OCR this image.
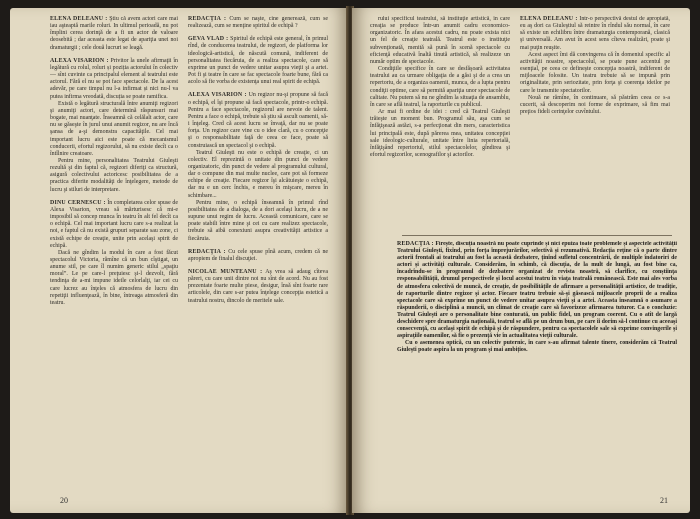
ELENA DELEANU : Ştiu că avem actori care mai iau aşteaptă marile roluri. In ultimul perioadă, nu pot împlini cerea dorinţă de a fi un actor de valoare deosebită ; dar aceasta este legat de apariţia unei noi dramaturgii ; cele două lucruri se leagă.

ALEXA VISARION : Privitor la unele afirmaţii în legătură cu rolul, roluri și poziția actorului în colectiv — sînt cuvinte ca principalul element al teatrului este actorul. Fără el nu se pot face spectacole. De la acest adevăr, pe care timpul nu l-a infirmat și nici nu-l va putea infirma vreodată, discuția se poate ramifica.

Există o legătură structurală între anumiţi regizori şi anumiţi actori, care determină răspunsuri mai bogate, mai nuanţate. Înseamnă că celălalt actor, care nu se găseşte în jurul unui anumit regizor, nu are încă şansa de a-şi demonstra capacităţile. Cel mai important lucru aici este poate că mecanismul conducerii, efortul regizorului, să nu existe decît ca o întîlnire creatoare.

Pentru mine, personalitatea Teatrului Giuleşti rezultă şi din faptul că, regizori diferiţi ca structură, asigură colectivului actoricesc posibilitatea de a practica diferite modalităţi de înţelegere, metode de lucru şi stiluri de interpretare.

DINU CERNESCU : În completarea celor spuse de Alexa Visarion, vreau să mărturisesc că mi-e imposibil să concep munca în teatru în alt fel decît ca o echipă. Cel mai important lucru care s-a realizat la noi, e faptul că nu există grupuri separate sau zone, ci există echipe de creaţie, unite prin acelaşi spirit de echipă.

Dacă ne gîndim la modul în care a fost făcut spectacolul Victoria, rămîne că un bun cîştigat, un anume stil, pe care îl numim generic stilul „spaţiu moral”. Le pe care-l preţuiesc şi-l dezvolt, fără tendinţa de a-mi impune ideile celorlalţi, iar cei cu care lucrez au înţeles că atmosfera de lucru din repetiţii influenţează, în bine, întreaga atmosferă din teatru.

REDACŢIA : Cum se naşte, cine generează, cum se realizează, cum se menţine spiritul de echipă ?

GEVA VLAD : Spiritul de echipă este general, în primul rînd, de conducerea teatrului, de regizori, de platforma lor ideologică-artistică, de născută comună, indiferent de personalitatea fiecăruia, de a realiza spectacole, care să exprime un punct de vedere unitar asupra vieţii şi a artei. Pot fi şi teatre în care se fac spectacole foarte bune, fără ca acolo să fie vorba de existenţa unui real spirit de echipă.

ALEXA VISARION : Un regizor nu-şi propune să facă o echipă, el îşi propune să facă spectacole, printr-o echipă. Pentru a face spectacole, regizorul are nevoie de talent. Pentru a face o echipă, trebuie să ştiu să ascult oamenii, să-i înţeleg. Cred că acest lucru se învaţă, dar nu se poate forţa. Un regizor care vine cu o idee clară, cu o concepţie şi o responsabilitate faţă de ceea ce face, poate să construiască un spectacol şi o echipă.

Teatrul Giuleşti nu este o echipă de creaţie, ci un colectiv. El reprezintă o unitate din punct de vedere organizatoric, din punct de vedere al programului cultural, dar o compune din mai multe nuclee, care pot să formeze echipe de creaţie. Fiecare regizor îşi alcătuieşte o echipă, dar nu e un cerc închis, e mereu în mişcare, mereu în schimbare...

Pentru mine, o echipă înseamnă în primul rînd posibilitatea de a dialoga, de a dori acelaşi lucru, de a ne supune unui regim de lucru. Această comunicare, care se poate stabili între mine şi cei cu care realizez spectacole, trebuie să aibă conexiuni asupra creativităţii artistice a fiecăruia.

REDACŢIA : Cu cele spuse pînă acum, credem că ne apropiem de finalul discuţiei.

NICOLAE MUNTEANU : Aş vrea să adaug cîteva păreri, cu care unii dintre noi nu sînt de acord. Nu au fost prezentate foarte multe piese, desigur, însă sînt foarte rare articolele, din care s-ar putea înţelege concepţia estetică a teatrului nostru, dincolo de meritele sale.

20

rului specificul teatrului, să instituţie artistică, în care creaţia se produce într-un anumit cadru economico-organizatoric. În afara acestui cadru, nu poate exista nici un fel de creaţie teatrală. Teatrul este o instituţie subvenţionată, menită să pună în scenă spectacole cu eficienţă educativă înaltă tinută artistică, să realizeze un număr optim de spectacole.

Condiţiile specifice în care se desfăşoară activitatea teatrului au ca urmare obligaţia de a găsi şi de a crea un repertoriu, de a organiza oamenii, munca, de a lupta pentru condiţii optime, care să permită apariţia unor spectacole de calitate. Nu putem să nu ne gîndim la situaţia de ansamblu, în care se află teatrul, la raporturile cu publicul.

Ar mai fi ordine de idei : cred că Teatrul Giuleşti trăieşte un moment bun. Programul său, aşa cum se înfăţişează astăzi, s-a perfecţionat din mers, caracteristica lui principală este, după părerea mea, unitatea concepţiei sale ideologic-culturale, unitate între linia repertorială, înfăţişând repertoriul, stilul spectacolelor, gîndirea şi efortul regizorilor, scenografilor şi actorilor.

ELENA DELEANU : Într-o perspectivă destul de apropiată, eu aş dori ca Giuleştiul să reintre în rîndul său normal, în care să existe un echilibru între dramaturgia contemporană, clasică şi universală. Am avut în acest sens cîteva realizări, poate şi mai puţin reuşite.

Acest aspect îmi dă convingerea că în domeniul specific al activităţii noastre, spectacolul, se poate pune accentul pe esenţial, pe ceea ce defineşte concepţia noastră, indiferent de mijloacele folosite. Un teatru trebuie să se impună prin originalitate, prin seriozitate, prin forţa şi coerenţa ideilor pe care le transmite spectatorilor.

Nouă ne rămîne, în continuare, să păstrăm ceea ce s-a cucerit, să descoperim noi forme de exprimare, să fim mai preţios fideli cerinţelor cuvîntului.

REDACŢIA : Firește, discuția noastră nu poate cuprinde și nici epuiza toate problemele și aspectele activității Teatrului Giulești, fixînd, prin forța împrejurărilor, selectivă și rezumativă. Redacția reţine că o parte dintre actorii frontali ai teatrului au fost la această dezbatere, ținînd sufletul concentrării, de multiple îndatoriri de actori și activități culturale. Considerăm, în schimb, că discuţia, de la mult de lungă, au fost bine ca, încadrîndu-se în programul de dezbatere organizat de revista noastră, să clarifice, cu conștiinţa responsabilității, drumul perspectivele și locul acestui teatru în viaţa teatrală românească. Este mai ales vorba de atmosfera colectivă de muncă, de creație, de posibilitățile de afirmare a personalității artistice, de tradiție, de raporturile dintre regizor şi actor. Fiecare teatru trebuie să-şi găsească mijloacele proprii de a realiza spectacole care să exprime un punct de vedere unitar asupra vieţii şi a artei. Aceasta înseamnă o asumare a răspunderii, o disciplină a muncii, un climat de creaţie care să favorizeze afirmarea tuturor. Ca o concluzie: Teatrul Giuleşti are o personalitate bine conturată, un public fidel, un program coerent. Cu o atît de largă deschidere spre dramaturgia naţională, teatrul se află pe un drum bun, pe care îi dorim să-l continue cu aceeaşi consecvenţă, cu acelaşi spirit de echipă şi de răspundere, pentru ca spectacolele sale să exprime convingerile şi aspiraţiile oamenilor, să fie o prezenţă vie în actualitatea vieţii culturale.

Cu o asemenea optică, cu un colectiv puternic, în care s-au afirmat talente tinere, considerăm că Teatrul Giuleşti poate aspira la un program şi mai ambițios.

21
